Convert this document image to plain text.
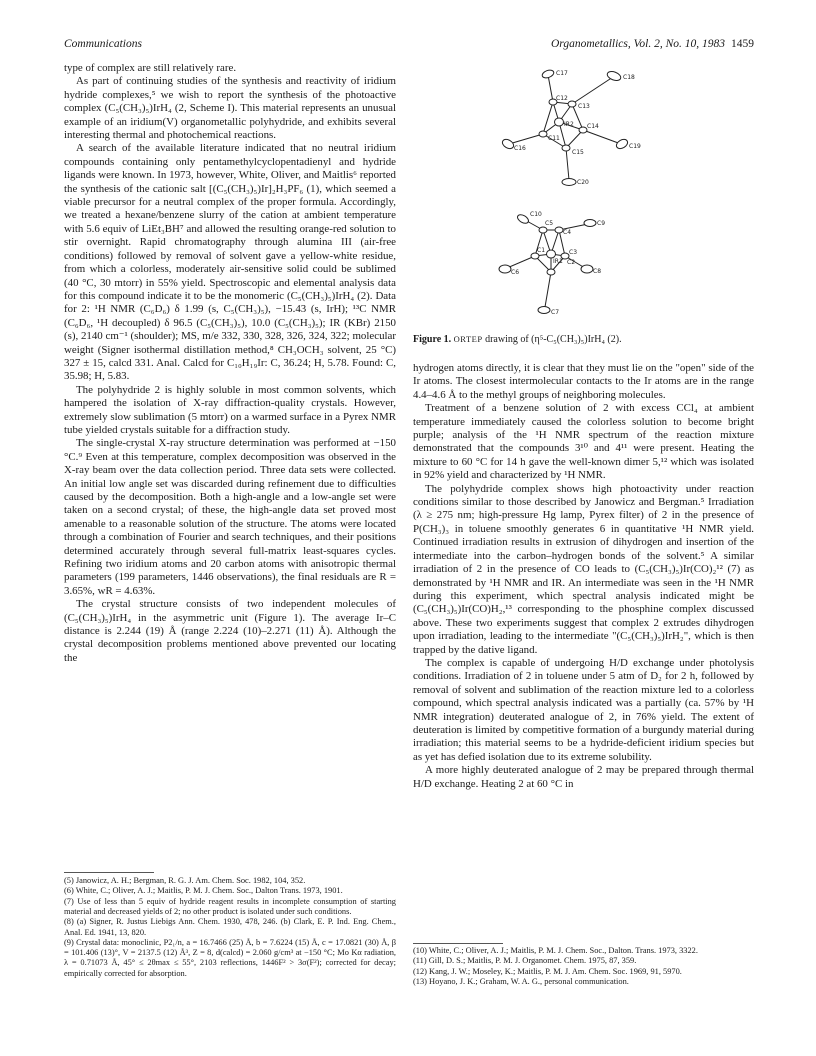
Communications	Organometallics, Vol. 2, No. 10, 1983 1459

type of complex are still relatively rare.

As part of continuing studies of the synthesis and reactivity of iridium hydride complexes,⁵ we wish to report the synthesis of the photoactive complex (C₅(CH₃)₅)IrH₄ (2, Scheme I). This material represents an unusual example of an iridium(V) organometallic polyhydride, and exhibits several interesting thermal and photochemical reactions.

A search of the available literature indicated that no neutral iridium compounds containing only pentamethylcyclopentadienyl and hydride ligands were known. In 1973, however, White, Oliver, and Maitlis⁶ reported the synthesis of the cationic salt [(C₅(CH₃)₅)Ir]₂H₃PF₆ (1), which seemed a viable precursor for a neutral complex of the proper formula. Accordingly, we treated a hexane/benzene slurry of the cation at ambient temperature with 5.6 equiv of LiEt₃BH⁷ and allowed the resulting orange-red solution to stir overnight. Rapid chromatography through alumina III (air-free conditions) followed by removal of solvent gave a yellow-white residue, from which a colorless, moderately air-sensitive solid could be sublimed (40 °C, 30 mtorr) in 55% yield. Spectroscopic and elemental analysis data for this compound indicate it to be the monomeric (C₅(CH₃)₅)IrH₄ (2). Data for 2: ¹H NMR (C₆D₆) δ 1.99 (s, C₅(CH₃)₅), −15.43 (s, IrH); ¹³C NMR (C₆D₆, ¹H decoupled) δ 96.5 (C₅(CH₃)₅), 10.0 (C₅(CH₃)₅); IR (KBr) 2150 (s), 2140 cm⁻¹ (shoulder); MS, m/e 332, 330, 328, 326, 324, 322; molecular weight (Signer isothermal distillation method,⁸ CH₃OCH₃ solvent, 25 °C) 327 ± 15, calcd 331. Anal. Calcd for C₁₀H₁₉Ir: C, 36.24; H, 5.78. Found: C, 35.98; H, 5.83.

The polyhydride 2 is highly soluble in most common solvents, which hampered the isolation of X-ray diffraction-quality crystals. However, extremely slow sublimation (5 mtorr) on a warmed surface in a Pyrex NMR tube yielded crystals suitable for a diffraction study.

The single-crystal X-ray structure determination was performed at −150 °C.⁹ Even at this temperature, complex decomposition was observed in the X-ray beam over the data collection period. Three data sets were collected. An initial low angle set was discarded during refinement due to difficulties caused by the decomposition. Both a high-angle and a low-angle set were taken on a second crystal; of these, the high-angle data set proved most amenable to a reasonable solution of the structure. The atoms were located through a combination of Fourier and search techniques, and their positions determined accurately through several full-matrix least-squares cycles. Refining two iridium atoms and 20 carbon atoms with anisotropic thermal parameters (199 parameters, 1446 observations), the final residuals are R = 3.65%, wR = 4.63%.

The crystal structure consists of two independent molecules of (C₅(CH₃)₅)IrH₄ in the asymmetric unit (Figure 1). The average Ir–C distance is 2.244 (19) Å (range 2.224 (10)–2.271 (11) Å). Although the crystal decomposition problems mentioned above prevented our locating the

C17
C18
C12
C13
IR2 C14
C16
C11
C15
C19
C20
C10
C9
C5
C4
C3
C6
C1
IR1 C2
C8
C7
Figure 1. ORTEP drawing of (η⁵-C₅(CH₃)₅)IrH₄ (2).

hydrogen atoms directly, it is clear that they must lie on the "open" side of the Ir atoms. The closest intermolecular contacts to the Ir atoms are in the range 4.4–4.6 Å to the methyl groups of neighboring molecules.

Treatment of a benzene solution of 2 with excess CCl₄ at ambient temperature immediately caused the colorless solution to become bright purple; analysis of the ¹H NMR spectrum of the reaction mixture demonstrated that the compounds 3¹⁰ and 4¹¹ were present. Heating the mixture to 60 °C for 14 h gave the well-known dimer 5,¹² which was isolated in 92% yield and characterized by ¹H NMR.

The polyhydride complex shows high photoactivity under reaction conditions similar to those described by Janowicz and Bergman.⁵ Irradiation (λ ≥ 275 nm; high-pressure Hg lamp, Pyrex filter) of 2 in the presence of P(CH₃)₃ in toluene smoothly generates 6 in quantitative ¹H NMR yield. Continued irradiation results in extrusion of dihydrogen and insertion of the intermediate into the carbon–hydrogen bonds of the solvent.⁵ A similar irradiation of 2 in the presence of CO leads to (C₅(CH₃)₅)Ir(CO)₂¹² (7) as demonstrated by ¹H NMR and IR. An intermediate was seen in the ¹H NMR during this experiment, which spectral analysis indicated might be (C₅(CH₃)₅)Ir(CO)H₂,¹³ corresponding to the phosphine complex discussed above. These two experiments suggest that complex 2 extrudes dihydrogen upon irradiation, leading to the intermediate "(C₅(CH₃)₅)IrH₂", which is then trapped by the dative ligand.

The complex is capable of undergoing H/D exchange under photolysis conditions. Irradiation of 2 in toluene under 5 atm of D₂ for 2 h, followed by removal of solvent and sublimation of the reaction mixture led to a colorless compound, which spectral analysis indicated was a partially (ca. 57% by ¹H NMR integration) deuterated analogue of 2, in 76% yield. The extent of deuteration is limited by competitive formation of a burgundy material during irradiation; this material seems to be a hydride-deficient iridium species but as yet has defied isolation due to its extreme solubility.

A more highly deuterated analogue of 2 may be prepared through thermal H/D exchange. Heating 2 at 60 °C in

(5) Janowicz, A. H.; Bergman, R. G. J. Am. Chem. Soc. 1982, 104, 352.
(6) White, C.; Oliver, A. J.; Maitlis, P. M. J. Chem. Soc., Dalton Trans. 1973, 1901.
(7) Use of less than 5 equiv of hydride reagent results in incomplete consumption of starting material and decreased yields of 2; no other product is isolated under such conditions.
(8) (a) Signer, R. Justus Liebigs Ann. Chem. 1930, 478, 246. (b) Clark, E. P. Ind. Eng. Chem., Anal. Ed. 1941, 13, 820.
(9) Crystal data: monoclinic, P2₁/n, a = 16.7466 (25) Å, b = 7.6224 (15) Å, c = 17.0821 (30) Å, β = 101.406 (13)°, V = 2137.5 (12) Å³, Z = 8, d(calcd) = 2.060 g/cm³ at −150 °C; Mo Kα radiation, λ = 0.71073 Å, 45° ≤ 2θmax ≤ 55°, 2103 reflections, 1446F² > 3σ(F²); corrected for decay; empirically corrected for absorption.
(10) White, C.; Oliver, A. J.; Maitlis, P. M. J. Chem. Soc., Dalton. Trans. 1973, 3322.
(11) Gill, D. S.; Maitlis, P. M. J. Organomet. Chem. 1975, 87, 359.
(12) Kang, J. W.; Moseley, K.; Maitlis, P. M. J. Am. Chem. Soc. 1969, 91, 5970.
(13) Hoyano, J. K.; Graham, W. A. G., personal communication.
